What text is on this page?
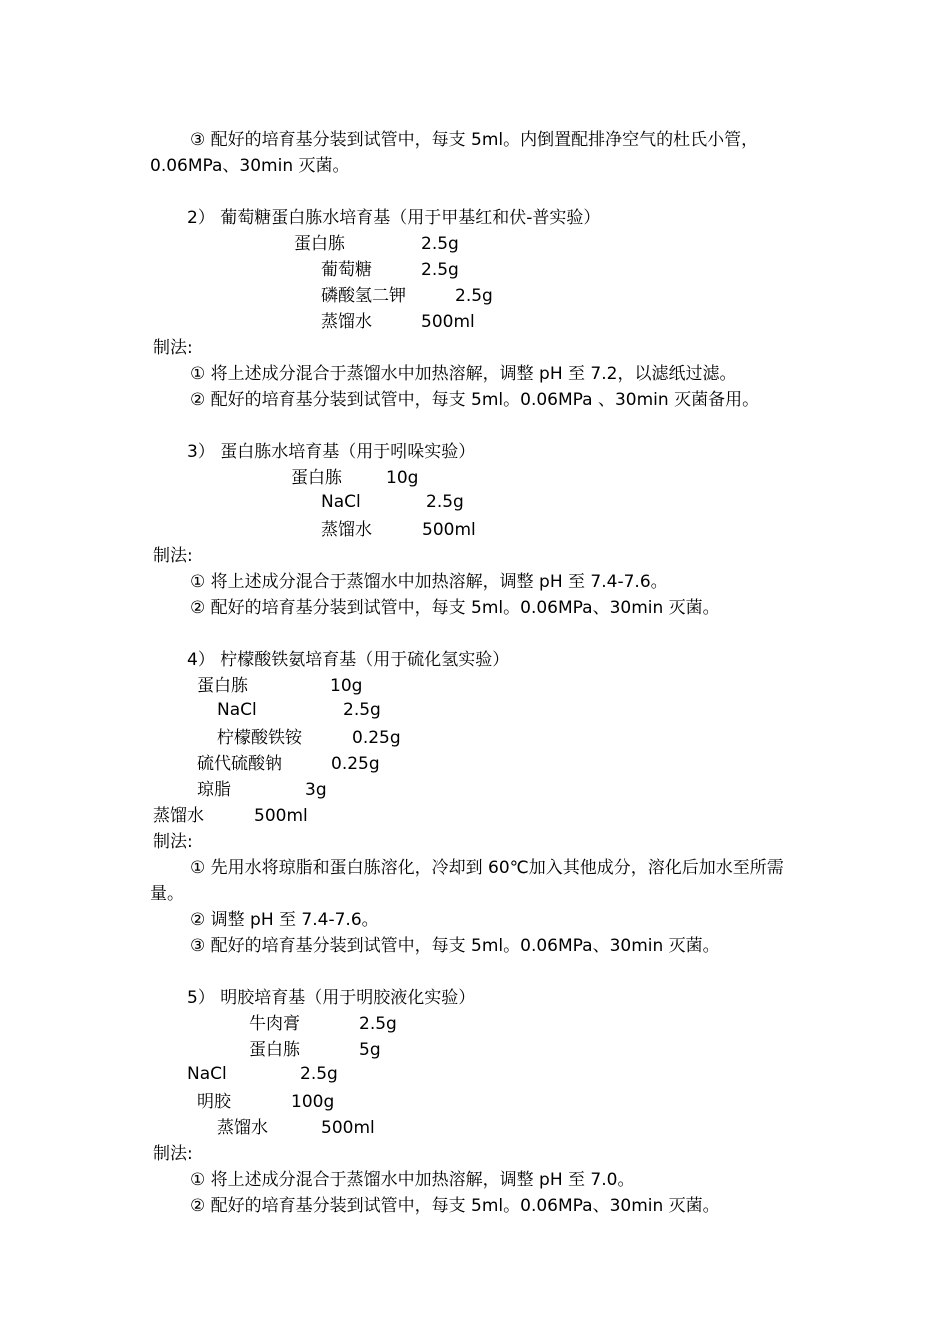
③ 配好的培育基分装到试管中，每支 5ml。内倒置配排净空气的杜氏小管，
0.06MPa、30min 灭菌。
2） 葡萄糖蛋白胨水培育基（用于甲基红和伏-普实验）
蛋白胨	2.5g
葡萄糖	2.5g
磷酸氢二钾	2.5g
蒸馏水	500ml
制法:
① 将上述成分混合于蒸馏水中加热溶解，调整 pH 至 7.2，以滤纸过滤。
② 配好的培育基分装到试管中，每支 5ml。0.06MPa 、30min 灭菌备用。
3） 蛋白胨水培育基（用于吲哚实验）
蛋白胨	10g
NaCl	2.5g
蒸馏水	500ml
制法:
① 将上述成分混合于蒸馏水中加热溶解，调整 pH 至 7.4-7.6。
② 配好的培育基分装到试管中，每支 5ml。0.06MPa、30min 灭菌。
4） 柠檬酸铁氨培育基（用于硫化氢实验）
蛋白胨	10g
NaCl	2.5g
柠檬酸铁铵	0.25g
硫代硫酸钠	0.25g
琼脂	3g
蒸馏水	500ml
制法:
① 先用水将琼脂和蛋白胨溶化，冷却到 60℃加入其他成分，溶化后加水至所需
量。
② 调整 pH 至 7.4-7.6。
③ 配好的培育基分装到试管中，每支 5ml。0.06MPa、30min 灭菌。
5） 明胶培育基（用于明胶液化实验）
牛肉膏	2.5g
蛋白胨	5g
NaCl	2.5g
明胶	100g
蒸馏水	500ml
制法:
① 将上述成分混合于蒸馏水中加热溶解，调整 pH 至 7.0。
② 配好的培育基分装到试管中，每支 5ml。0.06MPa、30min 灭菌。
